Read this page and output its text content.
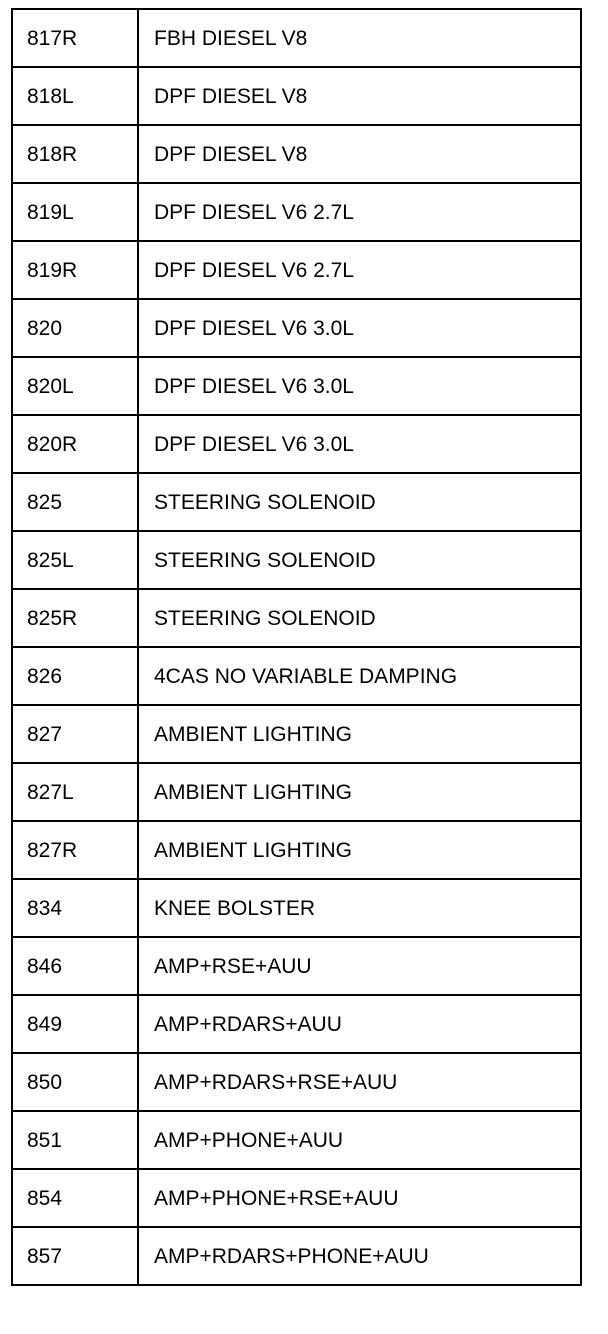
817R	FBH DIESEL V8
818L	DPF DIESEL V8
818R	DPF DIESEL V8
819L	DPF DIESEL V6 2.7L
819R	DPF DIESEL V6 2.7L
820	DPF DIESEL V6 3.0L
820L	DPF DIESEL V6 3.0L
820R	DPF DIESEL V6 3.0L
825	STEERING SOLENOID
825L	STEERING SOLENOID
825R	STEERING SOLENOID
826	4CAS NO VARIABLE DAMPING
827	AMBIENT LIGHTING
827L	AMBIENT LIGHTING
827R	AMBIENT LIGHTING
834	KNEE BOLSTER
846	AMP+RSE+AUU
849	AMP+RDARS+AUU
850	AMP+RDARS+RSE+AUU
851	AMP+PHONE+AUU
854	AMP+PHONE+RSE+AUU
857	AMP+RDARS+PHONE+AUU
